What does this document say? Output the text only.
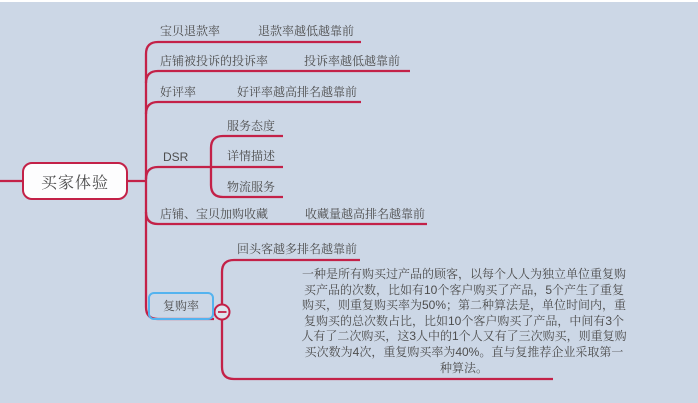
买家体验
宝贝退款率	退款率越低越靠前
店铺被投诉的投诉率	投诉率越低越靠前
好评率	好评率越高排名越靠前
DSR
服务态度
详情描述
物流服务
店铺、宝贝加购收藏	收藏量越高排名越靠前
回头客越多排名越靠前
复购率
一种是所有购买过产品的顾客，以每个人人为独立单位重复购
买产品的次数，比如有10个客户购买了产品，5个产生了重复
购买，则重复购买率为50%；第二种算法是，单位时间内，重
复购买的总次数占比，比如10个客户购买了产品，中间有3个
人有了二次购买，这3人中的1个人又有了三次购买，则重复购
买次数为4次，重复购买率为40%。直与复推荐企业采取第一
种算法。
